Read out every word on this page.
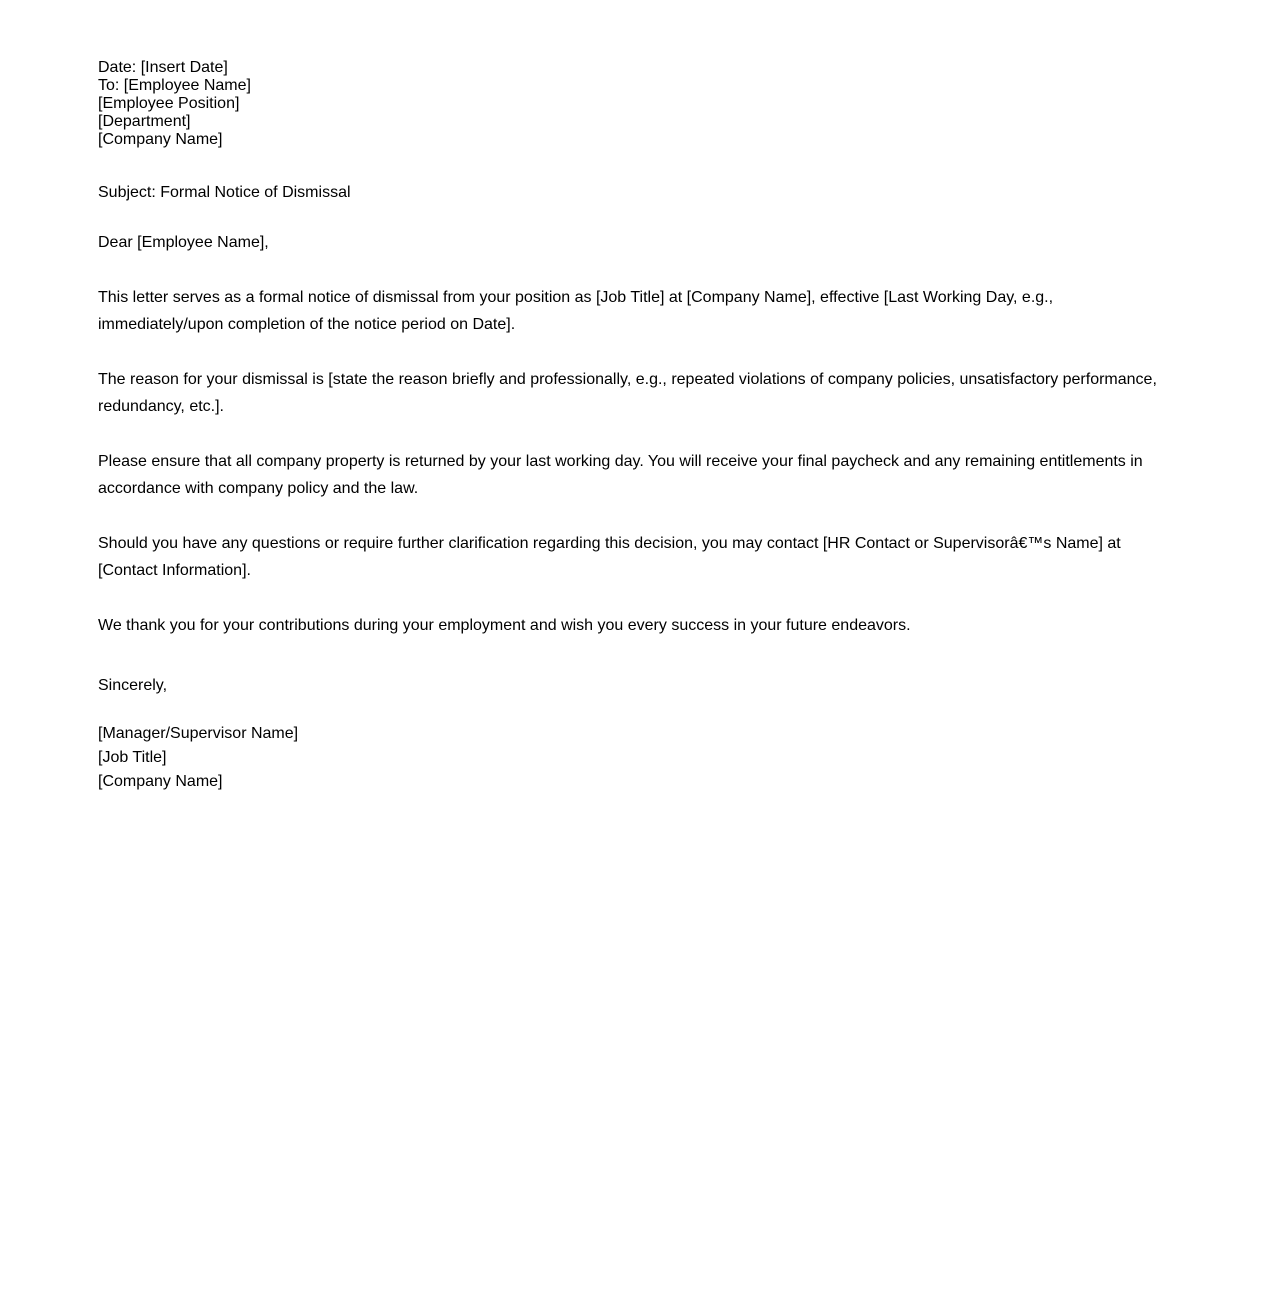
Date: [Insert Date]
To: [Employee Name]
[Employee Position]
[Department]
[Company Name]
Subject: Formal Notice of Dismissal
Dear [Employee Name],

This letter serves as a formal notice of dismissal from your position as [Job Title] at [Company Name], effective [Last Working Day, e.g., immediately/upon completion of the notice period on Date].

The reason for your dismissal is [state the reason briefly and professionally, e.g., repeated violations of company policies, unsatisfactory performance, redundancy, etc.].

Please ensure that all company property is returned by your last working day. You will receive your final paycheck and any remaining entitlements in accordance with company policy and the law.

Should you have any questions or require further clarification regarding this decision, you may contact [HR Contact or Supervisorâ€™s Name] at [Contact Information].

We thank you for your contributions during your employment and wish you every success in your future endeavors.

Sincerely,
[Manager/Supervisor Name]
[Job Title]
[Company Name]
